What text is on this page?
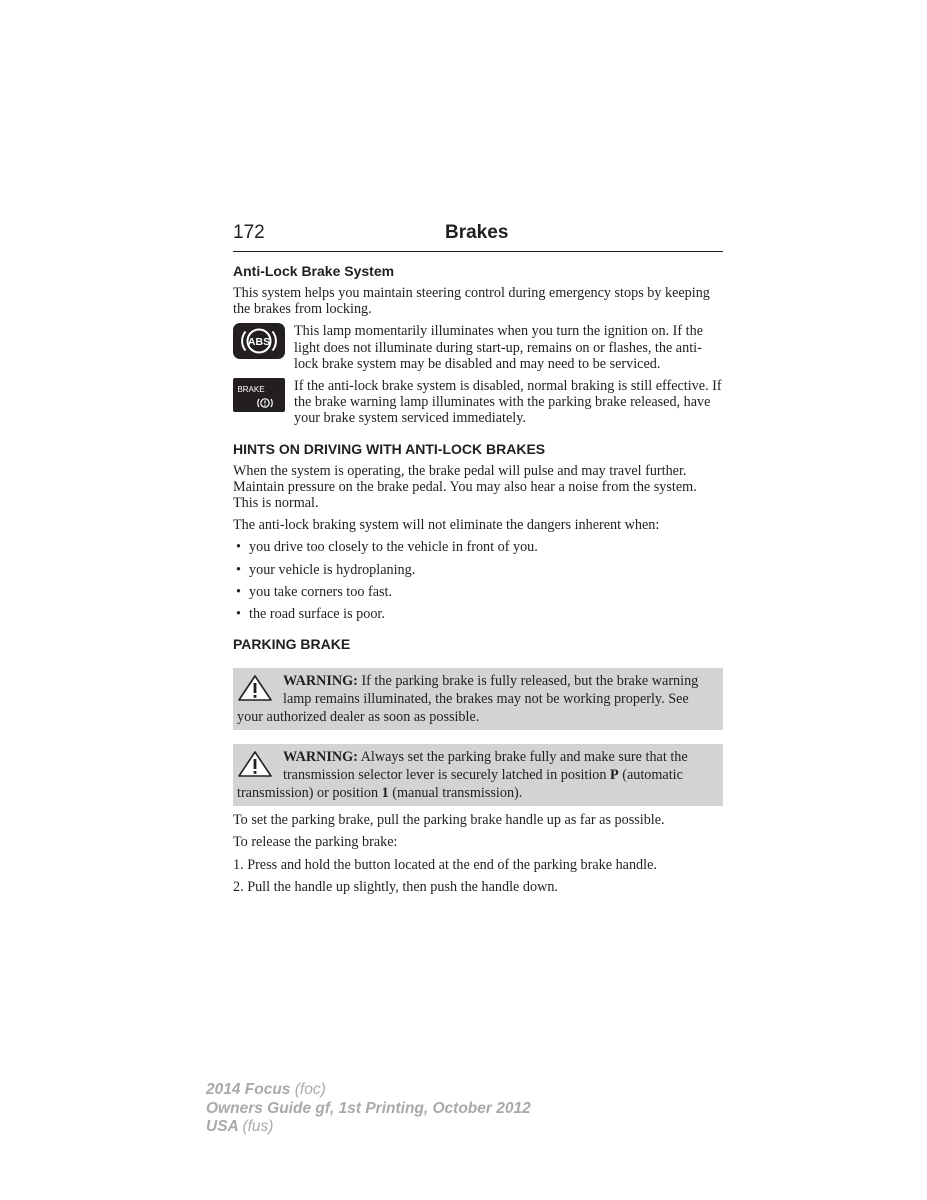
172	Brakes
Anti-Lock Brake System

This system helps you maintain steering control during emergency stops by keeping the brakes from locking.

ABS

This lamp momentarily illuminates when you turn the ignition on. If the light does not illuminate during start-up, remains on or flashes, the anti-lock brake system may be disabled and may need to be serviced.

BRAKE	If the anti-lock brake system is disabled, normal braking is still effective. If the brake warning lamp illuminates with the parking brake released, have your brake system serviced immediately.

HINTS ON DRIVING WITH ANTI-LOCK BRAKES

When the system is operating, the brake pedal will pulse and may travel further. Maintain pressure on the brake pedal. You may also hear a noise from the system. This is normal.

The anti-lock braking system will not eliminate the dangers inherent when:

• you drive too closely to the vehicle in front of you.
• your vehicle is hydroplaning.
• you take corners too fast.
• the road surface is poor.
PARKING BRAKE

WARNING: If the parking brake is fully released, but the brake warning lamp remains illuminated, the brakes may not be working properly. See your authorized dealer as soon as possible.

WARNING: Always set the parking brake fully and make sure that the transmission selector lever is securely latched in position P (automatic transmission) or position 1 (manual transmission).

To set the parking brake, pull the parking brake handle up as far as possible.

To release the parking brake:

1. Press and hold the button located at the end of the parking brake handle.

2. Pull the handle up slightly, then push the handle down.

2014 Focus (foc)
Owners Guide gf, 1st Printing, October 2012
USA (fus)
